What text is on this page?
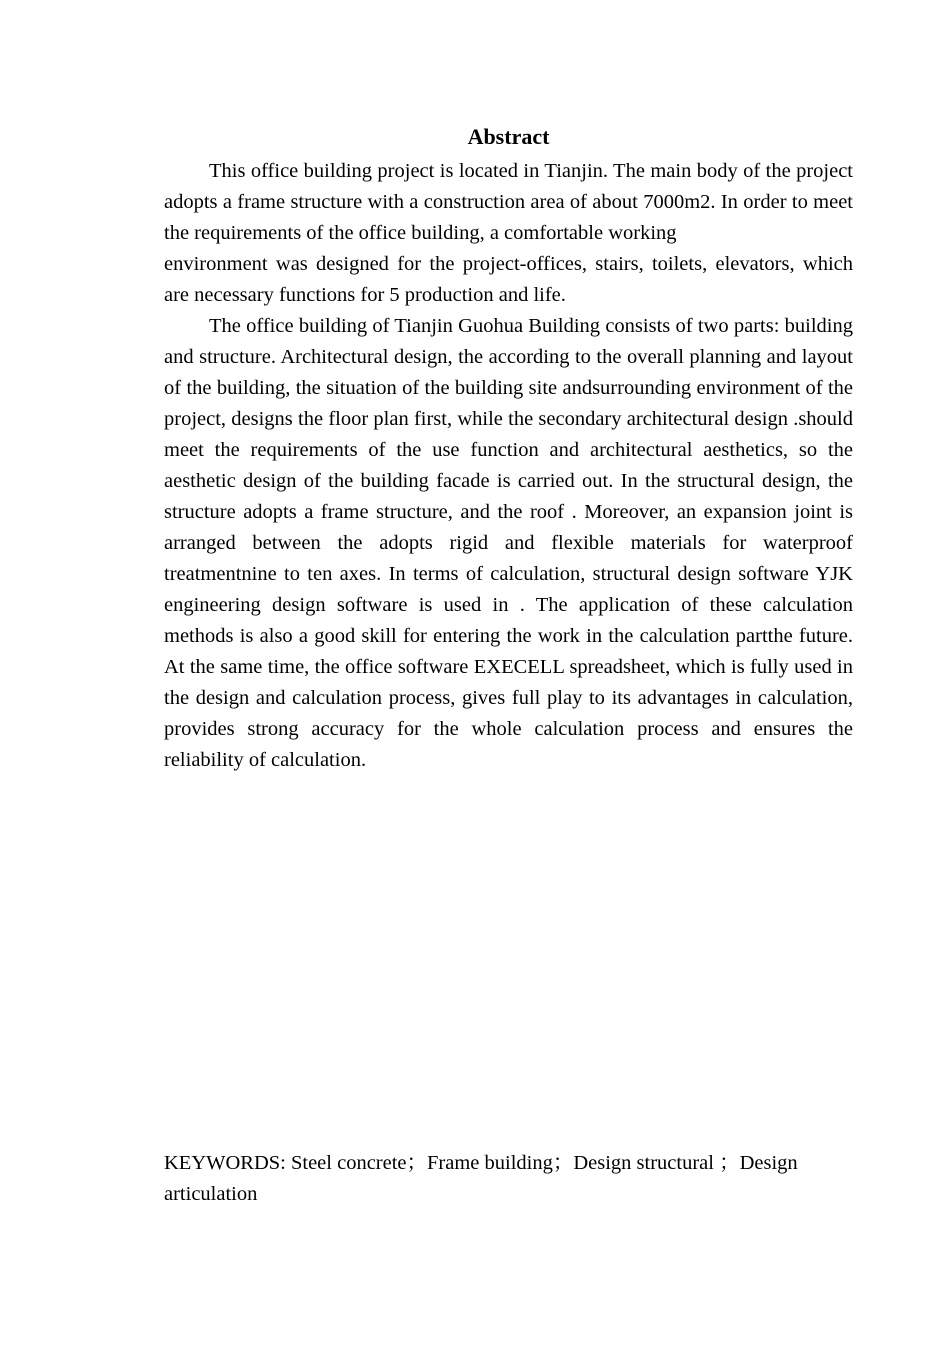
Abstract

This office building project is located in Tianjin. The main body of the project adopts a frame structure with a construction area of about 7000m2. In order to meet the requirements of the office building, a comfortable working

environment was designed for the project-offices, stairs, toilets, elevators, which are necessary functions for 5 production and life.

The office building of Tianjin Guohua Building consists of two parts: building and structure. Architectural design, the according to the overall planning and layout of the building, the situation of the building site andsurrounding environment of the project, designs the floor plan first, while the secondary architectural design .should meet the requirements of the use function and architectural aesthetics, so the aesthetic design of the building facade is carried out. In the structural design, the structure adopts a frame structure, and the roof . Moreover, an expansion joint is arranged between the adopts rigid and flexible materials for waterproof treatmentnine to ten axes. In terms of calculation, structural design software YJK engineering design software is used in . The application of these calculation methods is also a good skill for entering the work in the calculation partthe future. At the same time, the office software EXECELL spreadsheet, which is fully used in the design and calculation process, gives full play to its advantages in calculation, provides strong accuracy for the whole calculation process and ensures the reliability of calculation.

KEYWORDS: Steel concrete；Frame building；Design structural ；Design articulation
